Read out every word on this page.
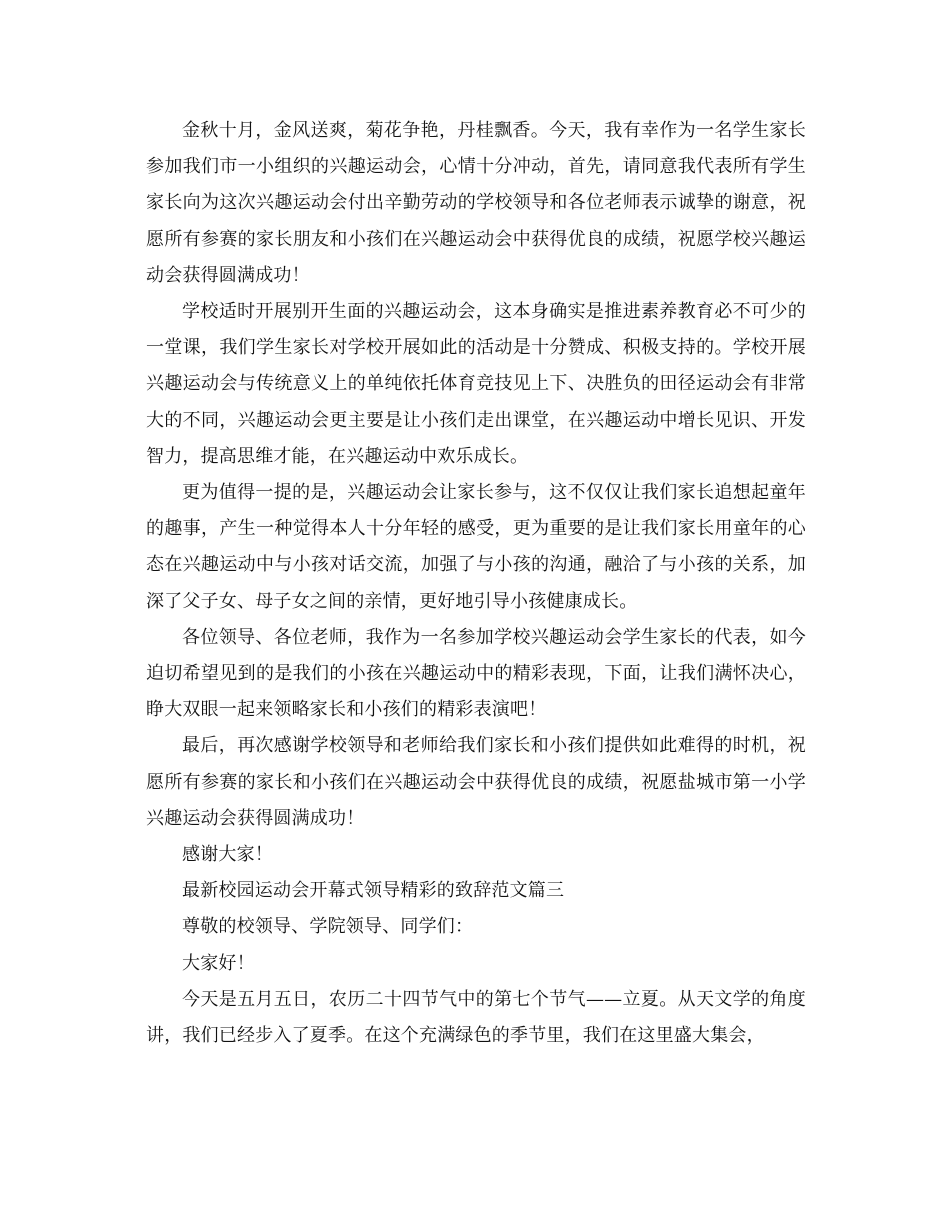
金秋十月，金风送爽，菊花争艳，丹桂飘香。今天，我有幸作为一名学生家长参加我们市一小组织的兴趣运动会，心情十分冲动，首先，请同意我代表所有学生家长向为这次兴趣运动会付出辛勤劳动的学校领导和各位老师表示诚挚的谢意，祝愿所有参赛的家长朋友和小孩们在兴趣运动会中获得优良的成绩，祝愿学校兴趣运动会获得圆满成功！

学校适时开展别开生面的兴趣运动会，这本身确实是推进素养教育必不可少的一堂课，我们学生家长对学校开展如此的活动是十分赞成、积极支持的。学校开展兴趣运动会与传统意义上的单纯依托体育竞技见上下、决胜负的田径运动会有非常大的不同，兴趣运动会更主要是让小孩们走出课堂，在兴趣运动中增长见识、开发智力，提高思维才能，在兴趣运动中欢乐成长。

更为值得一提的是，兴趣运动会让家长参与，这不仅仅让我们家长追想起童年的趣事，产生一种觉得本人十分年轻的感受，更为重要的是让我们家长用童年的心态在兴趣运动中与小孩对话交流，加强了与小孩的沟通，融洽了与小孩的关系，加深了父子女、母子女之间的亲情，更好地引导小孩健康成长。

各位领导、各位老师，我作为一名参加学校兴趣运动会学生家长的代表，如今迫切希望见到的是我们的小孩在兴趣运动中的精彩表现，下面，让我们满怀决心，睁大双眼一起来领略家长和小孩们的精彩表演吧！

最后，再次感谢学校领导和老师给我们家长和小孩们提供如此难得的时机，祝愿所有参赛的家长和小孩们在兴趣运动会中获得优良的成绩，祝愿盐城市第一小学兴趣运动会获得圆满成功！

感谢大家！

最新校园运动会开幕式领导精彩的致辞范文篇三

尊敬的校领导、学院领导、同学们：

大家好！

今天是五月五日，农历二十四节气中的第七个节气——立夏。从天文学的角度讲，我们已经步入了夏季。在这个充满绿色的季节里，我们在这里盛大集会，
